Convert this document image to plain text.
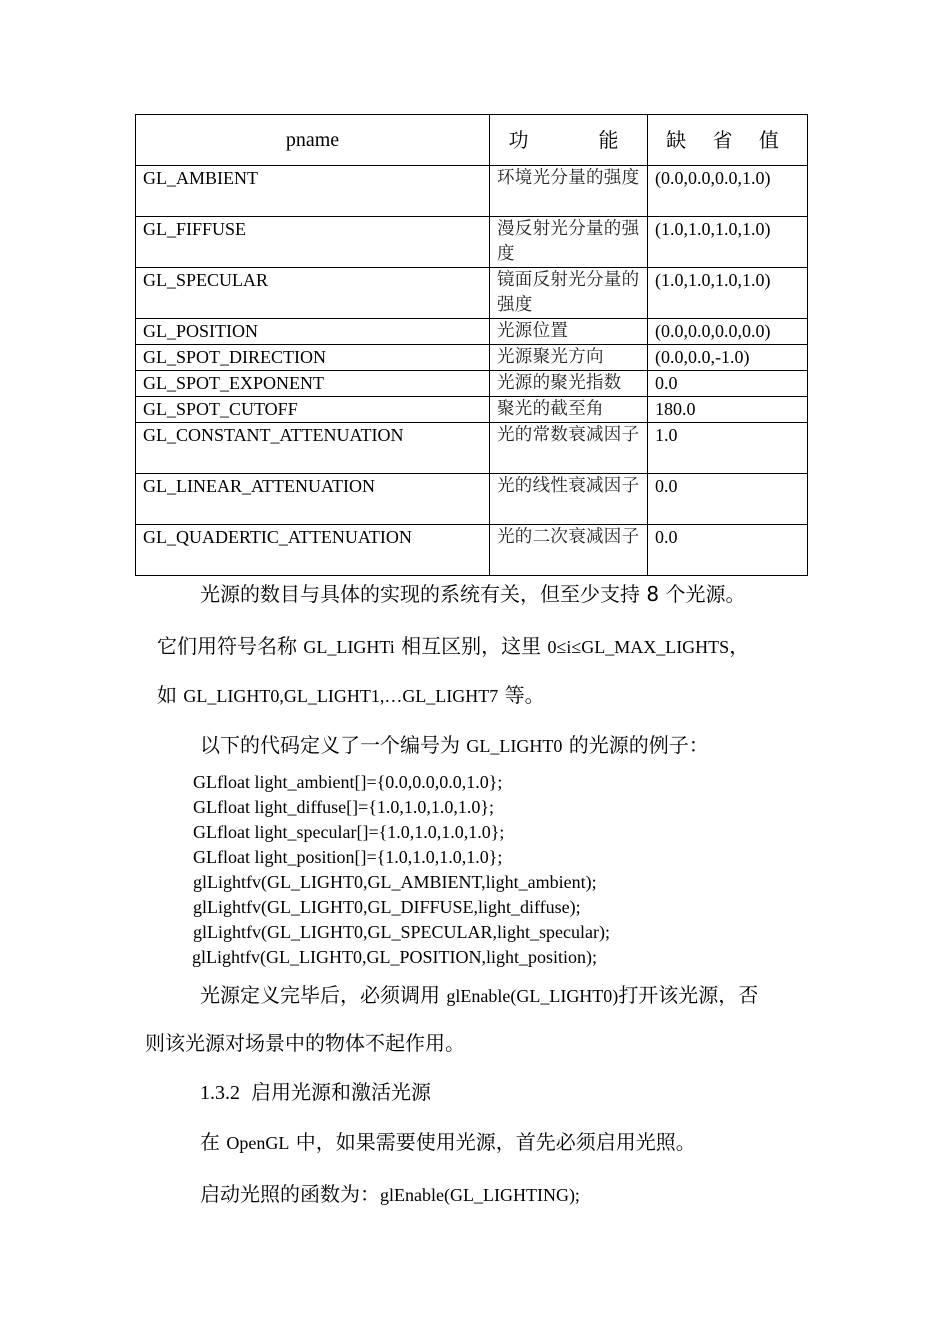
pname	功　　能	缺 省 值
GL_AMBIENT	环境光分量的强度	(0.0,0.0,0.0,1.0)
GL_FIFFUSE	漫反射光分量的强度	(1.0,1.0,1.0,1.0)
GL_SPECULAR	镜面反射光分量的强度	(1.0,1.0,1.0,1.0)
GL_POSITION	光源位置	(0.0,0.0,0.0,0.0)
GL_SPOT_DIRECTION	光源聚光方向	(0.0,0.0,-1.0)
GL_SPOT_EXPONENT	光源的聚光指数	0.0
GL_SPOT_CUTOFF	聚光的截至角	180.0
GL_CONSTANT_ATTENUATION	光的常数衰减因子	1.0
GL_LINEAR_ATTENUATION	光的线性衰减因子	0.0
GL_QUADERTIC_ATTENUATION	光的二次衰减因子	0.0
光源的数目与具体的实现的系统有关，但至少支持 8 个光源。
它们用符号名称 GL_LIGHTi 相互区别，这里 0≤i≤GL_MAX_LIGHTS，
如 GL_LIGHT0,GL_LIGHT1,…GL_LIGHT7 等。
以下的代码定义了一个编号为 GL_LIGHT0 的光源的例子：
GLfloat light_ambient[]={0.0,0.0,0.0,1.0};
GLfloat light_diffuse[]={1.0,1.0,1.0,1.0};
GLfloat light_specular[]={1.0,1.0,1.0,1.0};
GLfloat light_position[]={1.0,1.0,1.0,1.0};
glLightfv(GL_LIGHT0,GL_AMBIENT,light_ambient);
glLightfv(GL_LIGHT0,GL_DIFFUSE,light_diffuse);
glLightfv(GL_LIGHT0,GL_SPECULAR,light_specular);
glLightfv(GL_LIGHT0,GL_POSITION,light_position);
光源定义完毕后，必须调用 glEnable(GL_LIGHT0)打开该光源，否
则该光源对场景中的物体不起作用。
1.3.2 启用光源和激活光源
在 OpenGL 中，如果需要使用光源，首先必须启用光照。
启动光照的函数为：glEnable(GL_LIGHTING);
